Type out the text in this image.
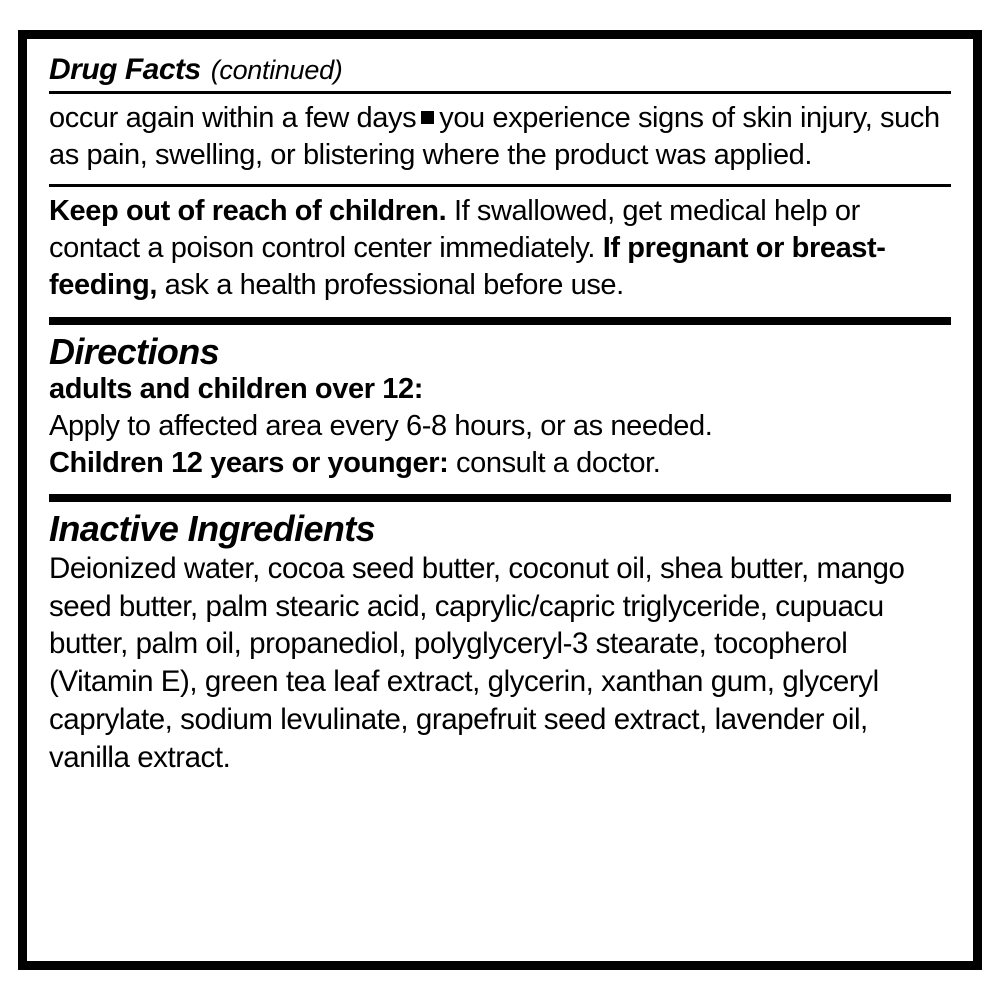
Drug Facts (continued)
occur again within a few days you experience signs of skin injury, such as pain, swelling, or blistering where the product was applied.
Keep out of reach of children. If swallowed, get medical help or contact a poison control center immediately. If pregnant or breast-feeding, ask a health professional before use.
Directions
adults and children over 12:
Apply to affected area every 6-8 hours, or as needed.
Children 12 years or younger: consult a doctor.
Inactive Ingredients
Deionized water, cocoa seed butter, coconut oil, shea butter, mango seed butter, palm stearic acid, caprylic/capric triglyceride, cupuacu butter, palm oil, propanediol, polyglyceryl-3 stearate, tocopherol (Vitamin E), green tea leaf extract, glycerin, xanthan gum, glyceryl caprylate, sodium levulinate, grapefruit seed extract, lavender oil, vanilla extract.
